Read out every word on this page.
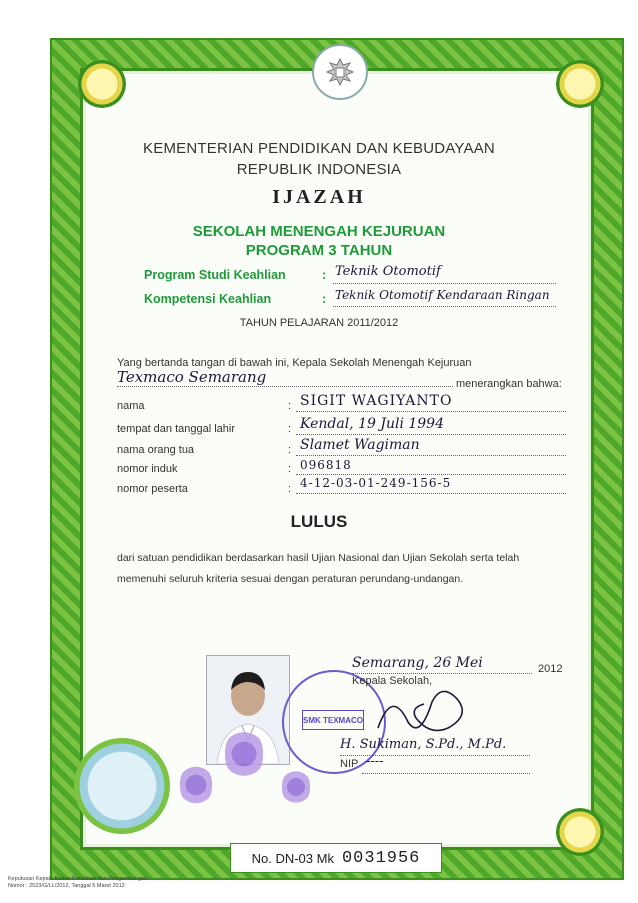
KEMENTERIAN PENDIDIKAN DAN KEBUDAYAAN
REPUBLIK INDONESIA
IJAZAH
SEKOLAH MENENGAH KEJURUAN
PROGRAM 3 TAHUN
Program Studi Keahlian	: Teknik Otomotif
Kompetensi Keahlian	: Teknik Otomotif Kendaraan Ringan
TAHUN PELAJARAN 2011/2012
Yang bertanda tangan di bawah ini, Kepala Sekolah Menengah Kejuruan
Texmaco Semarang	menerangkan bahwa:
nama	: SIGIT WAGIYANTO
tempat dan tanggal lahir	: Kendal, 19 Juli 1994
nama orang tua	: Slamet Wagiman
nomor induk	: 096818
nomor peserta	: 4-12-03-01-249-156-5
LULUS
dari satuan pendidikan berdasarkan hasil Ujian Nasional dan Ujian Sekolah serta telah memenuhi seluruh kriteria sesuai dengan peraturan perundang-undangan.
SMK TEXMACO
Semarang, 26 Mei	2012
Kepala Sekolah,
H. Sukiman, S.Pd., M.Pd.
NIP ----
No. DN-03 Mk 0031956
Keputusan Kepala Badan Penelitian dan Pengembangan
Nomor : 2523/G/LL/2012, Tanggal 5 Maret 2012
